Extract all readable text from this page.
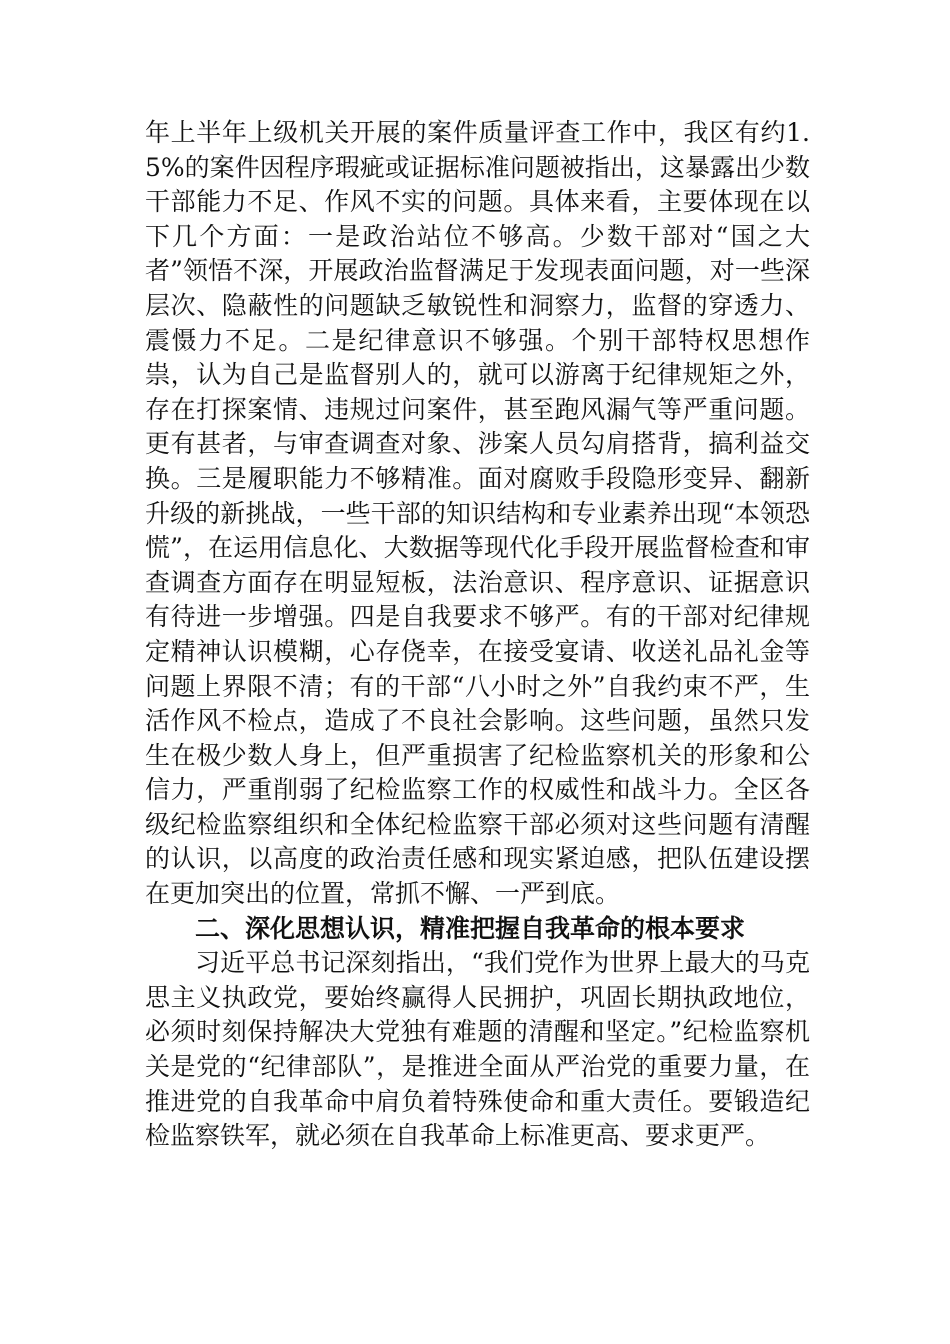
年上半年上级机关开展的案件质量评查工作中，我区有约1.5%的案件因程序瑕疵或证据标准问题被指出，这暴露出少数干部能力不足、作风不实的问题。具体来看，主要体现在以下几个方面：一是政治站位不够高。少数干部对“国之大者”领悟不深，开展政治监督满足于发现表面问题，对一些深层次、隐蔽性的问题缺乏敏锐性和洞察力，监督的穿透力、震慑力不足。二是纪律意识不够强。个别干部特权思想作祟，认为自己是监督别人的，就可以游离于纪律规矩之外，存在打探案情、违规过问案件，甚至跑风漏气等严重问题。更有甚者，与审查调查对象、涉案人员勾肩搭背，搞利益交换。三是履职能力不够精准。面对腐败手段隐形变异、翻新升级的新挑战，一些干部的知识结构和专业素养出现“本领恐慌”，在运用信息化、大数据等现代化手段开展监督检查和审查调查方面存在明显短板，法治意识、程序意识、证据意识有待进一步增强。四是自我要求不够严。有的干部对纪律规定精神认识模糊，心存侥幸，在接受宴请、收送礼品礼金等问题上界限不清；有的干部“八小时之外”自我约束不严，生活作风不检点，造成了不良社会影响。这些问题，虽然只发生在极少数人身上，但严重损害了纪检监察机关的形象和公信力，严重削弱了纪检监察工作的权威性和战斗力。全区各级纪检监察组织和全体纪检监察干部必须对这些问题有清醒的认识，以高度的政治责任感和现实紧迫感，把队伍建设摆在更加突出的位置，常抓不懈、一严到底。

二、深化思想认识，精准把握自我革命的根本要求

习近平总书记深刻指出，“我们党作为世界上最大的马克思主义执政党，要始终赢得人民拥护，巩固长期执政地位，必须时刻保持解决大党独有难题的清醒和坚定。”纪检监察机关是党的“纪律部队”，是推进全面从严治党的重要力量，在推进党的自我革命中肩负着特殊使命和重大责任。要锻造纪检监察铁军，就必须在自我革命上标准更高、要求更严。
